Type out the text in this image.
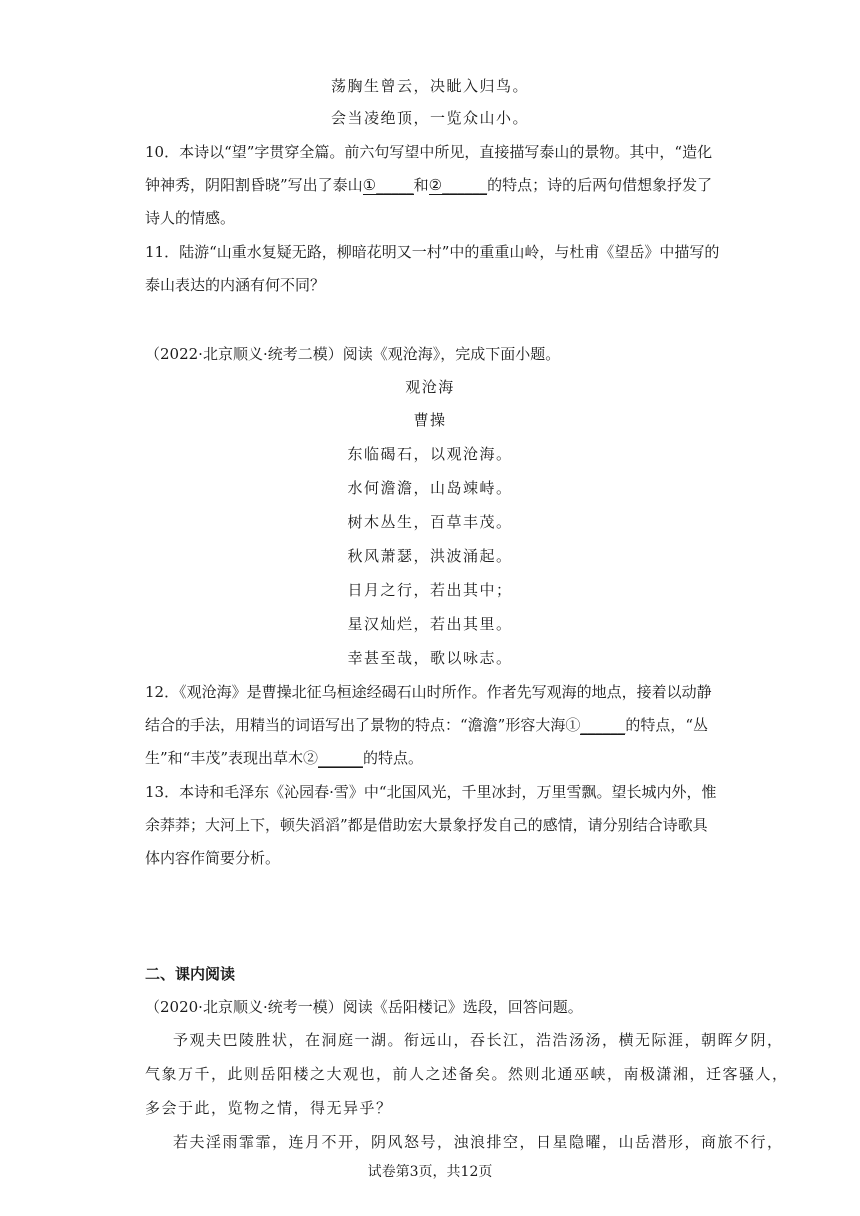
荡胸生曾云，决眦入归鸟。
会当凌绝顶，一览众山小。
10．本诗以“望”字贯穿全篇。前六句写望中所见，直接描写泰山的景物。其中，“造化
钟神秀，阴阳割昏晓”写出了泰山①_____和②______的特点；诗的后两句借想象抒发了
诗人的情感。
11．陆游“山重水复疑无路，柳暗花明又一村”中的重重山岭，与杜甫《望岳》中描写的
泰山表达的内涵有何不同？
（2022·北京顺义·统考二模）阅读《观沧海》，完成下面小题。
观沧海
曹操
东临碣石，以观沧海。
水何澹澹，山岛竦峙。
树木丛生，百草丰茂。
秋风萧瑟，洪波涌起。
日月之行，若出其中；
星汉灿烂，若出其里。
幸甚至哉，歌以咏志。
12．《观沧海》是曹操北征乌桓途经碣石山时所作。作者先写观海的地点，接着以动静
结合的手法，用精当的词语写出了景物的特点：“澹澹”形容大海①______的特点，“丛
生”和“丰茂”表现出草木②______的特点。
13．本诗和毛泽东《沁园春·雪》中“北国风光，千里冰封，万里雪飘。望长城内外，惟
余莽莽；大河上下，顿失滔滔”都是借助宏大景象抒发自己的感情，请分别结合诗歌具
体内容作简要分析。
二、课内阅读
（2020·北京顺义·统考一模）阅读《岳阳楼记》选段，回答问题。
予观夫巴陵胜状，在洞庭一湖。衔远山，吞长江，浩浩汤汤，横无际涯，朝晖夕阴，
气象万千，此则岳阳楼之大观也，前人之述备矣。然则北通巫峡，南极潇湘，迁客骚人，
多会于此，览物之情，得无异乎？
若夫淫雨霏霏，连月不开，阴风怒号，浊浪排空，日星隐曜，山岳潜形，商旅不行，
试卷第3页，共12页
